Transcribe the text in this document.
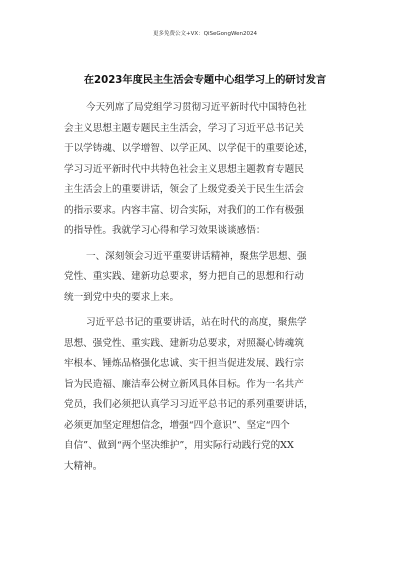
更多免费公文+VX：QiSeGongWen2024
在2023年度民主生活会专题中心组学习上的研讨发言
今天列席了局党组学习贯彻习近平新时代中国特色社
会主义思想主题专题民主生活会，学习了习近平总书记关
于以学铸魂、以学增智、以学正风、以学促干的重要论述，
学习习近平新时代中共特色社会主义思想主题教育专题民
主生活会上的重要讲话，领会了上级党委关于民生生活会
的指示要求。内容丰富、切合实际，对我们的工作有极强
的指导性。我就学习心得和学习效果谈谈感悟：
一、深刻领会习近平重要讲话精神，聚焦学思想、强
党性、重实践、建新功总要求，努力把自己的思想和行动
统一到党中央的要求上来。
习近平总书记的重要讲话，站在时代的高度，聚焦学
思想、强党性、重实践、建新功总要求，对照凝心铸魂筑
牢根本、锤炼品格强化忠诚、实干担当促进发展、践行宗
旨为民造福、廉洁奉公树立新风具体目标。作为一名共产
党员，我们必须把认真学习习近平总书记的系列重要讲话，
必须更加坚定理想信念，增强“四个意识”、坚定“四个
自信”、做到“两个坚决维护”，用实际行动践行党的XX
大精神。
